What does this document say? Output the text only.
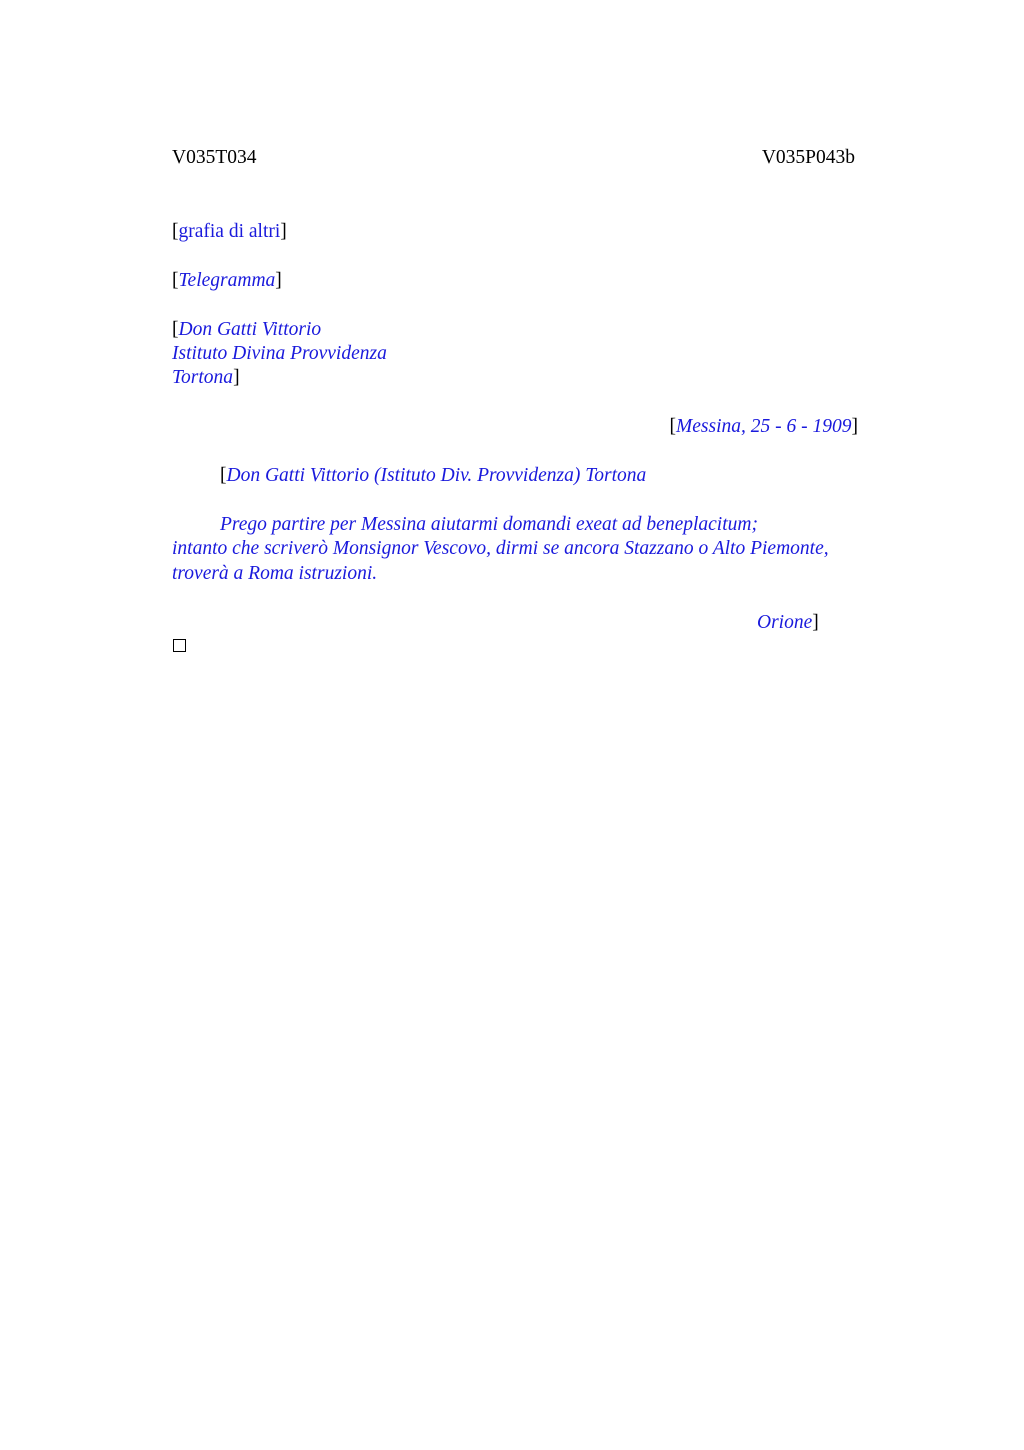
V035T034	V035P043b
[grafia di altri]
[Telegramma]
[Don Gatti Vittorio
Istituto Divina Provvidenza
Tortona]
[Messina, 25 - 6 - 1909]
[Don Gatti Vittorio (Istituto Div. Provvidenza) Tortona
Prego partire per Messina aiutarmi domandi exeat ad beneplacitum;
intanto che scriverò Monsignor Vescovo, dirmi se ancora Stazzano o Alto Piemonte,
troverà a Roma istruzioni.
Orione]
